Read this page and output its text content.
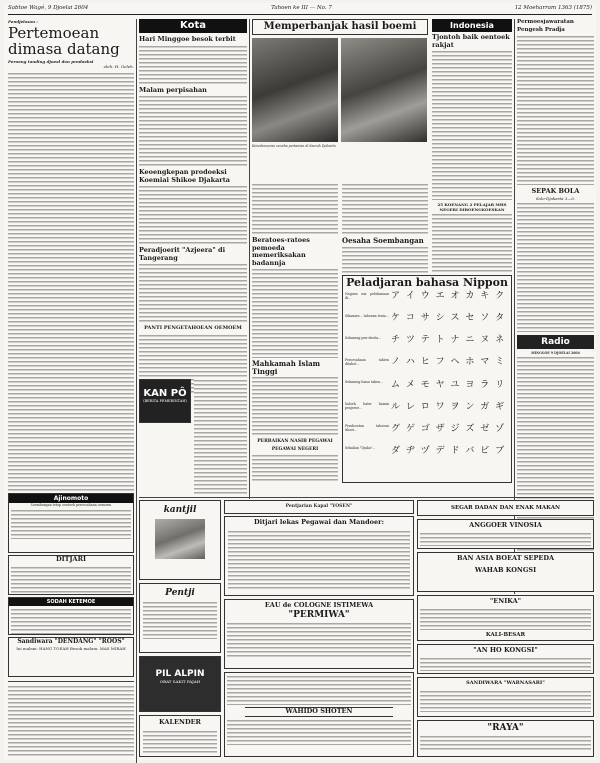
Sabtoe Wagé, 9 Djoelai 2604	Tahoen ke III — No. 7	12 Moeharram 1363 (1875)
Pendjelasan :
Pertemoean dimasa datang
Peroeng tanding djoeal dan prodoeksi
oleh: H. Oeleh.
Ajinomoto
Soembangan tetap oentoek peroesahaan oemoem
DITJARI
SODAH KETEMOE
Sandiwara "DENDANG" "ROOS"
Ini malam: HANG TOEAH Besok malam: MAS MIRAH
Kota
Hari Minggoe besok terbit
Malam perpisahan
Keoengkepan prodoeksi Koemiai Shikoe Djakarta
Peradjoerit "Azjeera" di Tangerang
PANTI PENGETAHOEAN OEMOEM
KAN PÔ
(BERITA PEMERINTAH)
Memperbanjak hasil boemi
Kemakmoeran oesaha pertanian di daerah Djakarta
Beratoes-ratoes pemoeda memeriksakan badannja
Mahkamah Islam Tinggi
PERBAIKAN NASIB PEGAWAI PEGAWAI NEGERI
Oesaha Soembangan
Indonesia
Tjontoh baik oentoek rakjat
25 KOENANG 2 PELAJAR MHS NEGERI DIBOENGKOESKAN
Peladjaran bahasa Nippon
Nagoen nia pelukanaan di...
Sikanaru... tahoean tenia...
Sekarang pen-derita...
Peroesahaan tahien ditabot...
Sekarang biasa taken...
Saloeh bater kamin penjeroe...
Pendooetan tahoean tiboei...
Sekalian "Djaku"...
ア イ ウ エ オ カ キ ク
ケ コ サ シ ス セ ソ タ
チ ツ テ ト ナ ニ ヌ ネ
ノ ハ ヒ フ ヘ ホ マ ミ
ム メ モ ヤ ユ ヨ ラ リ
ル レ ロ ワ ヲ ン ガ ギ
グ ゲ ゴ ザ ジ ズ ゼ ゾ
ダ ヂ ヅ デ ド バ ビ ブ
Permoesjawaratan Pengesh Pradja
SEPAK BOLA
Solo-Djakarta 3—0.
Radio
MINGGOE 9 DJOELAI 2604
kantjil
Pentji
PIL ALPIN
OBAT SAKIT PAJAH
KALENDER
Pentjarian Kapal "YOSEN"
Ditjari lekas Pegawai dan Mandoer:
EAU de COLOGNE ISTIMEWA
"PERMIWA"
WAHIDO SHOTEN
SEGAR DADAN DAN ENAK MAKAN
ANGGOER VINOSIA
BAN ASIA BOEAT SEPEDA
WAHAB KONGSI
"ENIKA"
KALI-BESAR
"AN HO KONGSI"
SANDIWARA "WARNASARI"
"RAYA"
